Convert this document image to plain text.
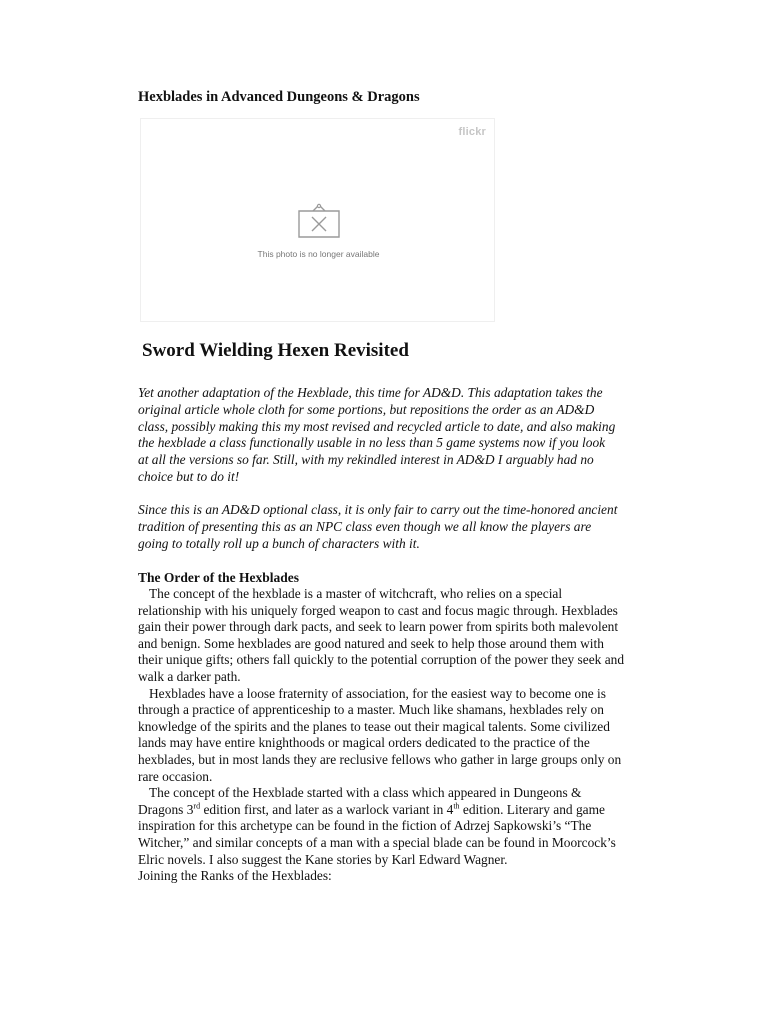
Hexblades in Advanced Dungeons & Dragons
flickr
This photo is no longer available
Sword Wielding Hexen Revisited

Yet another adaptation of the Hexblade, this time for AD&D. This adaptation takes the original article whole cloth for some portions, but repositions the order as an AD&D class, possibly making this my most revised and recycled article to date, and also making the hexblade a class functionally usable in no less than 5 game systems now if you look at all the versions so far. Still, with my rekindled interest in AD&D I arguably had no choice but to do it!

Since this is an AD&D optional class, it is only fair to carry out the time-honored ancient tradition of presenting this as an NPC class even though we all know the players are going to totally roll up a bunch of characters with it.

The Order of the Hexblades

The concept of the hexblade is a master of witchcraft, who relies on a special relationship with his uniquely forged weapon to cast and focus magic through. Hexblades gain their power through dark pacts, and seek to learn power from spirits both malevolent and benign. Some hexblades are good natured and seek to help those around them with their unique gifts; others fall quickly to the potential corruption of the power they seek and walk a darker path.

Hexblades have a loose fraternity of association, for the easiest way to become one is through a practice of apprenticeship to a master. Much like shamans, hexblades rely on knowledge of the spirits and the planes to tease out their magical talents. Some civilized lands may have entire knighthoods or magical orders dedicated to the practice of the hexblades, but in most lands they are reclusive fellows who gather in large groups only on rare occasion.

The concept of the Hexblade started with a class which appeared in Dungeons & Dragons 3rd edition first, and later as a warlock variant in 4th edition. Literary and game inspiration for this archetype can be found in the fiction of Adrzej Sapkowski’s “The Witcher,” and similar concepts of a man with a special blade can be found in Moorcock’s Elric novels. I also suggest the Kane stories by Karl Edward Wagner.

Joining the Ranks of the Hexblades:
